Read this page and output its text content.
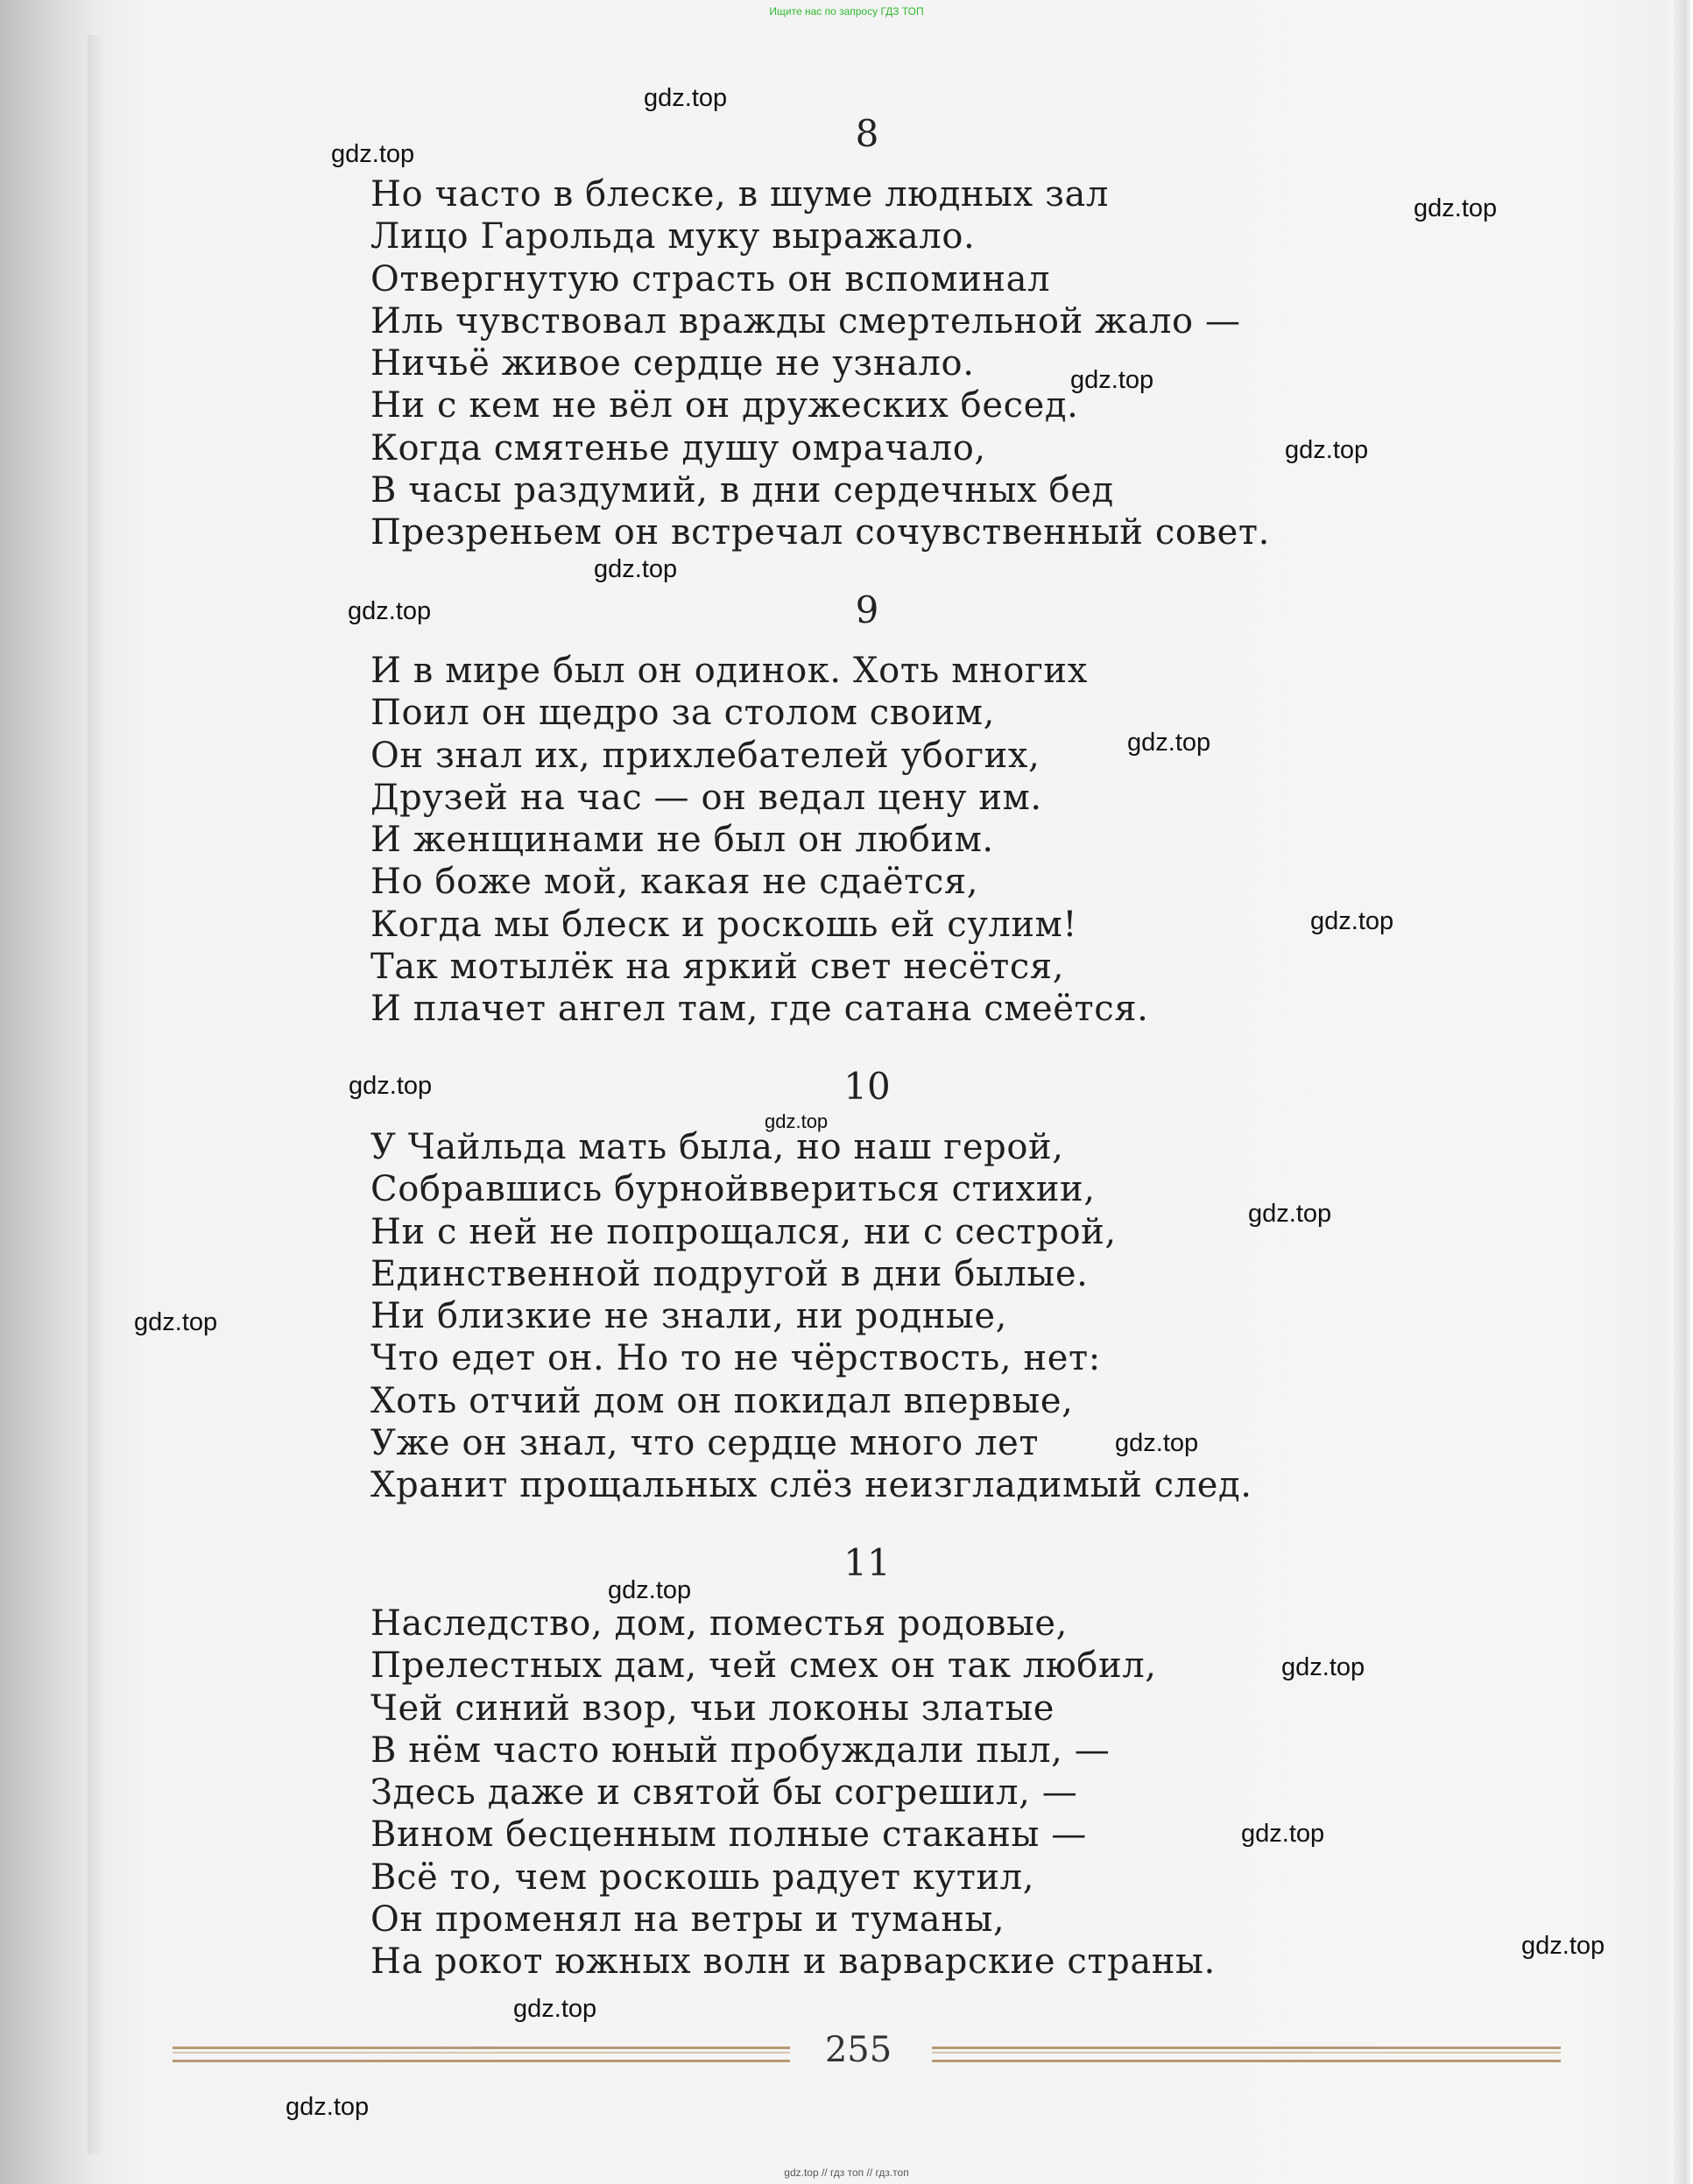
Ищите нас по запросу ГДЗ ТОП
8
Но часто в блеске, в шуме людных зал
Лицо Гарольда муку выражало.
Отвергнутую страсть он вспоминал
Иль чувствовал вражды смертельной жало —
Ничьё живое сердце не узнало.
Ни с кем не вёл он дружеских бесед.
Когда смятенье душу омрачало,
В часы раздумий, в дни сердечных бед
Презреньем он встречал сочувственный совет.
9
И в мире был он одинок. Хоть многих
Поил он щедро за столом своим,
Он знал их, прихлебателей убогих,
Друзей на час — он ведал цену им.
И женщинами не был он любим.
Но боже мой, какая не сдаётся,
Когда мы блеск и роскошь ей сулим!
Так мотылёк на яркий свет несётся,
И плачет ангел там, где сатана смеётся.
10
У Чайльда мать была, но наш герой,
Собравшись бурнойввериться стихии,
Ни с ней не попрощался, ни с сестрой,
Единственной подругой в дни былые.
Ни близкие не знали, ни родные,
Что едет он. Но то не чёрствость, нет:
Хоть отчий дом он покидал впервые,
Уже он знал, что сердце много лет
Хранит прощальных слёз неизгладимый след.
11
Наследство, дом, поместья родовые,
Прелестных дам, чей смех он так любил,
Чей синий взор, чьи локоны златые
В нём часто юный пробуждали пыл, —
Здесь даже и святой бы согрешил, —
Вином бесценным полные стаканы —
Всё то, чем роскошь радует кутил,
Он променял на ветры и туманы,
На рокот южных волн и варварские страны.
gdz.top
gdz.top
gdz.top
gdz.top
gdz.top
gdz.top
gdz.top
gdz.top
gdz.top
gdz.top
gdz.top
gdz.top
gdz.top
gdz.top
gdz.top
gdz.top
gdz.top
gdz.top
gdz.top
gdz.top
255
gdz.top // гдз топ // гдз.топ
